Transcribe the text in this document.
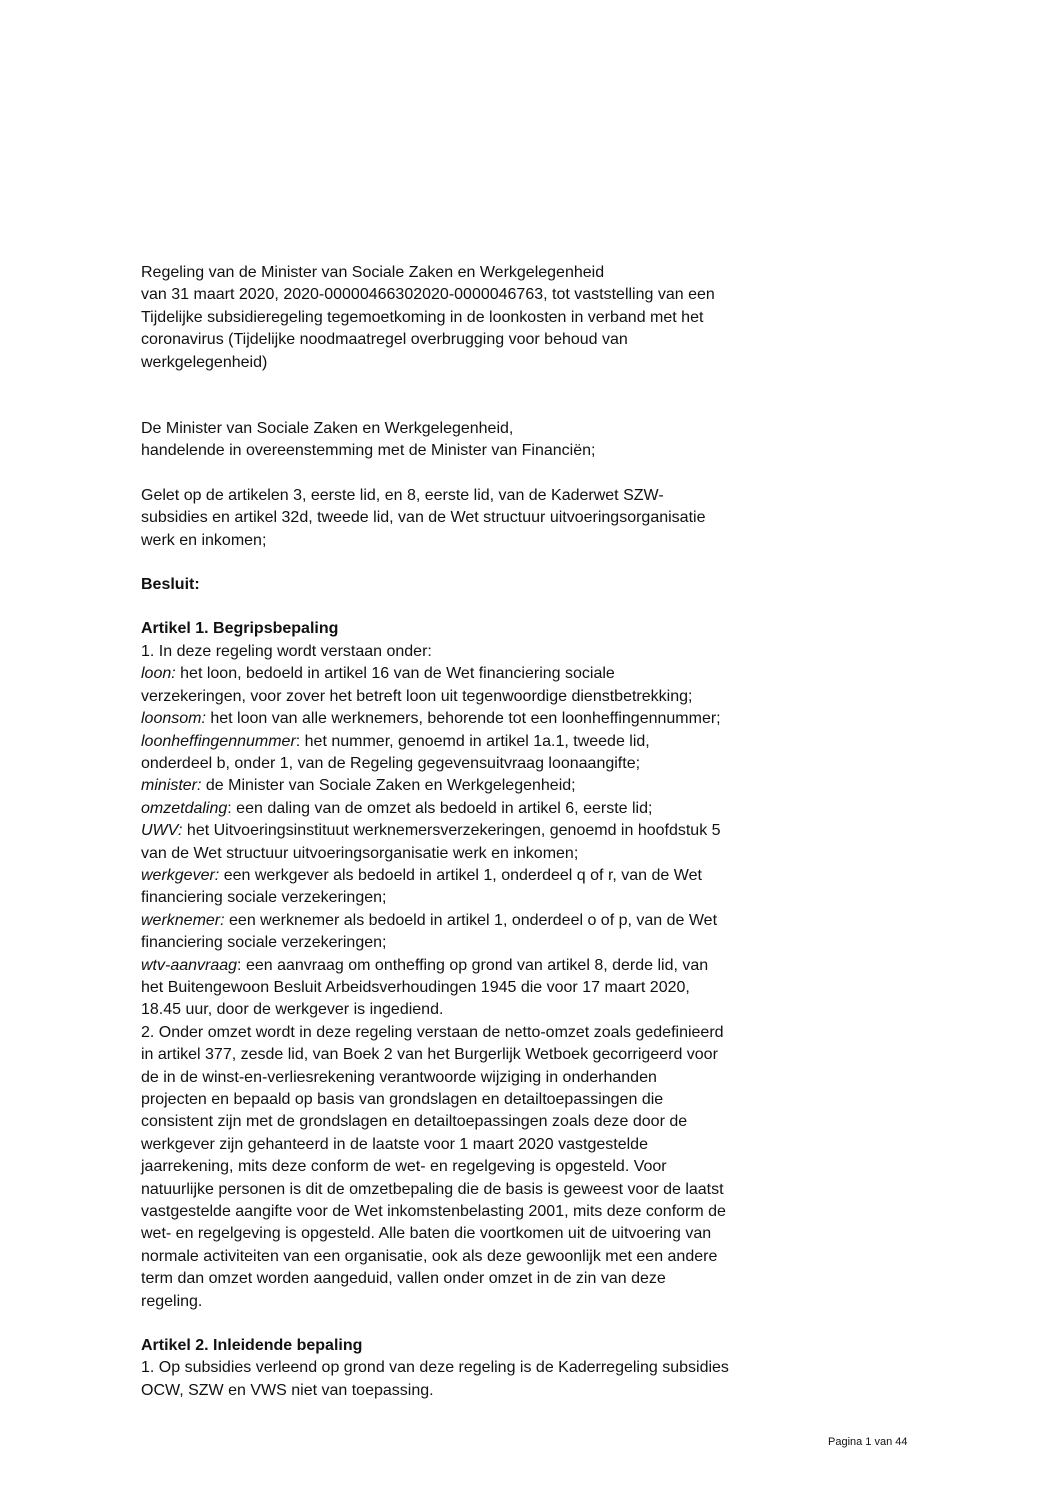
Regeling van de Minister van Sociale Zaken en Werkgelegenheid
van 31 maart 2020, 2020-00000466302020-0000046763, tot vaststelling van een
Tijdelijke subsidieregeling tegemoetkoming in de loonkosten in verband met het
coronavirus (Tijdelijke noodmaatregel overbrugging voor behoud van
werkgelegenheid)
De Minister van Sociale Zaken en Werkgelegenheid,
handelende in overeenstemming met de Minister van Financiën;
Gelet op de artikelen 3, eerste lid, en 8, eerste lid, van de Kaderwet SZW-
subsidies en artikel 32d, tweede lid, van de Wet structuur uitvoeringsorganisatie
werk en inkomen;
Besluit:
Artikel 1. Begripsbepaling
1. In deze regeling wordt verstaan onder:
loon: het loon, bedoeld in artikel 16 van de Wet financiering sociale
verzekeringen, voor zover het betreft loon uit tegenwoordige dienstbetrekking;
loonsom: het loon van alle werknemers, behorende tot een loonheffingennummer;
loonheffingennummer: het nummer, genoemd in artikel 1a.1, tweede lid,
onderdeel b, onder 1, van de Regeling gegevensuitvraag loonaangifte;
minister: de Minister van Sociale Zaken en Werkgelegenheid;
omzetdaling: een daling van de omzet als bedoeld in artikel 6, eerste lid;
UWV: het Uitvoeringsinstituut werknemersverzekeringen, genoemd in hoofdstuk 5
van de Wet structuur uitvoeringsorganisatie werk en inkomen;
werkgever: een werkgever als bedoeld in artikel 1, onderdeel q of r, van de Wet
financiering sociale verzekeringen;
werknemer: een werknemer als bedoeld in artikel 1, onderdeel o of p, van de Wet
financiering sociale verzekeringen;
wtv-aanvraag: een aanvraag om ontheffing op grond van artikel 8, derde lid, van
het Buitengewoon Besluit Arbeidsverhoudingen 1945 die voor 17 maart 2020,
18.45 uur, door de werkgever is ingediend.
2. Onder omzet wordt in deze regeling verstaan de netto-omzet zoals gedefinieerd
in artikel 377, zesde lid, van Boek 2 van het Burgerlijk Wetboek gecorrigeerd voor
de in de winst-en-verliesrekening verantwoorde wijziging in onderhanden
projecten en bepaald op basis van grondslagen en detailtoepassingen die
consistent zijn met de grondslagen en detailtoepassingen zoals deze door de
werkgever zijn gehanteerd in de laatste voor 1 maart 2020 vastgestelde
jaarrekening, mits deze conform de wet- en regelgeving is opgesteld. Voor
natuurlijke personen is dit de omzetbepaling die de basis is geweest voor de laatst
vastgestelde aangifte voor de Wet inkomstenbelasting 2001, mits deze conform de
wet- en regelgeving is opgesteld. Alle baten die voortkomen uit de uitvoering van
normale activiteiten van een organisatie, ook als deze gewoonlijk met een andere
term dan omzet worden aangeduid, vallen onder omzet in de zin van deze
regeling.
Artikel 2. Inleidende bepaling
1. Op subsidies verleend op grond van deze regeling is de Kaderregeling subsidies
OCW, SZW en VWS niet van toepassing.
Pagina 1 van 44
